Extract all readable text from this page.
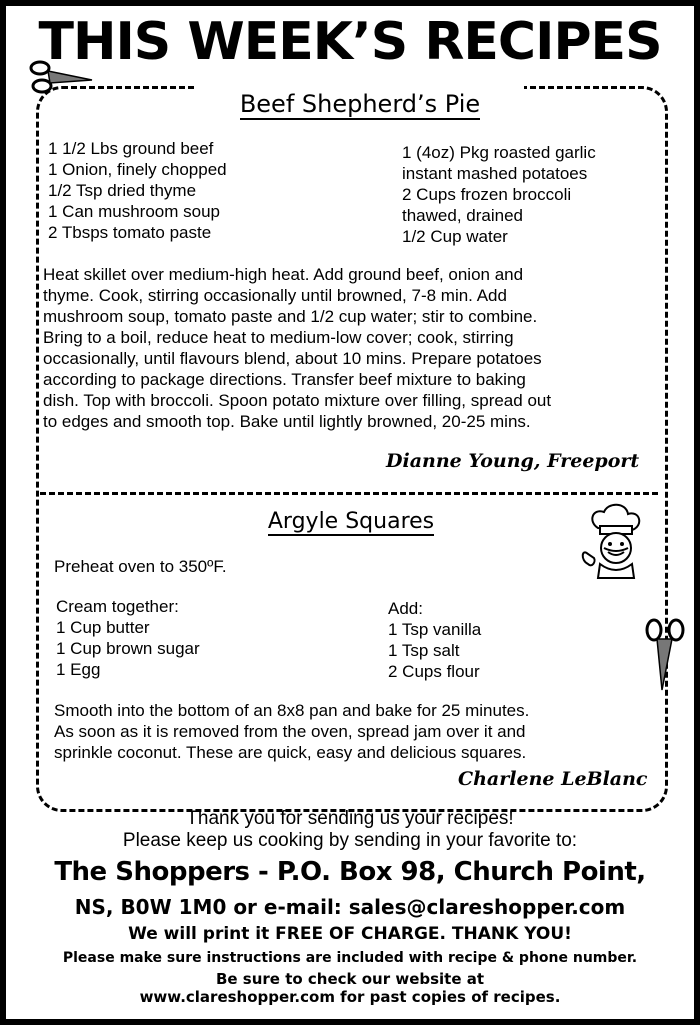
THIS WEEK’S RECIPES
Beef Shepherd’s Pie
1 1/2 Lbs ground beef
1 Onion, finely chopped
1/2 Tsp dried thyme
1 Can mushroom soup
2 Tbsps tomato paste
1 (4oz) Pkg roasted garlic
instant mashed potatoes
2 Cups frozen broccoli
thawed, drained
1/2 Cup water
Heat skillet over medium-high heat. Add ground beef, onion and
thyme. Cook, stirring occasionally until browned, 7-8 min. Add
mushroom soup, tomato paste and 1/2 cup water; stir to combine.
Bring to a boil, reduce heat to medium-low cover; cook, stirring
occasionally, until flavours blend, about 10 mins. Prepare potatoes
according to package directions. Transfer beef mixture to baking
dish. Top with broccoli. Spoon potato mixture over filling, spread out
to edges and smooth top. Bake until lightly browned, 20-25 mins.
Dianne Young, Freeport
Argyle Squares
Preheat oven to 350ºF.
Cream together:
1 Cup butter
1 Cup brown sugar
1 Egg
Add:
1 Tsp vanilla
1 Tsp salt
2 Cups flour
Smooth into the bottom of an 8x8 pan and bake for 25 minutes.
As soon as it is removed from the oven, spread jam over it and
sprinkle coconut. These are quick, easy and delicious squares.
Charlene LeBlanc
Thank you for sending us your recipes!
Please keep us cooking by sending in your favorite to:
The Shoppers - P.O. Box 98, Church Point,
NS, B0W 1M0 or e-mail: sales@clareshopper.com
We will print it FREE OF CHARGE. THANK YOU!
Please make sure instructions are included with recipe & phone number.
Be sure to check our website at
www.clareshopper.com for past copies of recipes.
